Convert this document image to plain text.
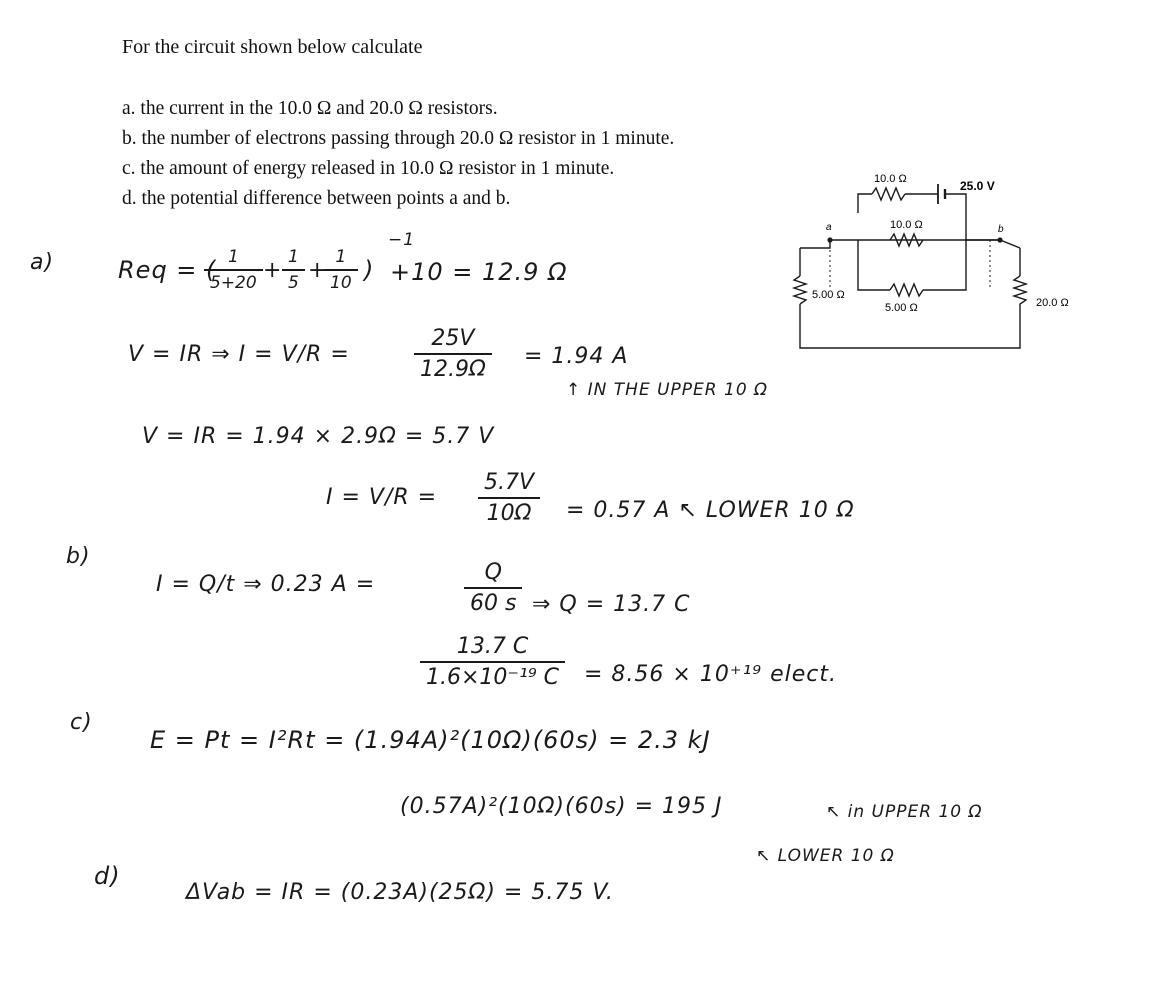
For the circuit shown below calculate
a. the current in the 10.0 Ω and 20.0 Ω resistors.
b. the number of electrons passing through 20.0 Ω resistor in 1 minute.
c. the amount of energy released in 10.0 Ω resistor in 1 minute.
d. the potential difference between points a and b.
10.0 Ω	25.0 V
10.0 Ω
5.00 Ω
5.00 Ω
20.0 Ω
a	b
a)	Req = ( 1
5+20 +
1
5 +
1
10 )
−1
+10 = 12.9 Ω
V = IR ⇒ I = V/R =
25V
12.9Ω
= 1.94 A
↑ IN THE UPPER 10 Ω
V = IR = 1.94 × 2.9Ω = 5.7 V
I = V/R =
5.7V
10Ω	= 0.57 A ↖ LOWER 10 Ω
b)
I = Q/t ⇒ 0.23 A =	Q
60 s ⇒ Q = 13.7 C
13.7 C
1.6×10⁻¹⁹ C = 8.56 × 10⁺¹⁹ elect.
c)
E = Pt = I²Rt = (1.94A)²(10Ω)(60s) = 2.3 kJ
↖ in UPPER 10 Ω
(0.57A)²(10Ω)(60s) = 195 J
↖ LOWER 10 Ω
d)
ΔVab = IR = (0.23A)(25Ω) = 5.75 V.
